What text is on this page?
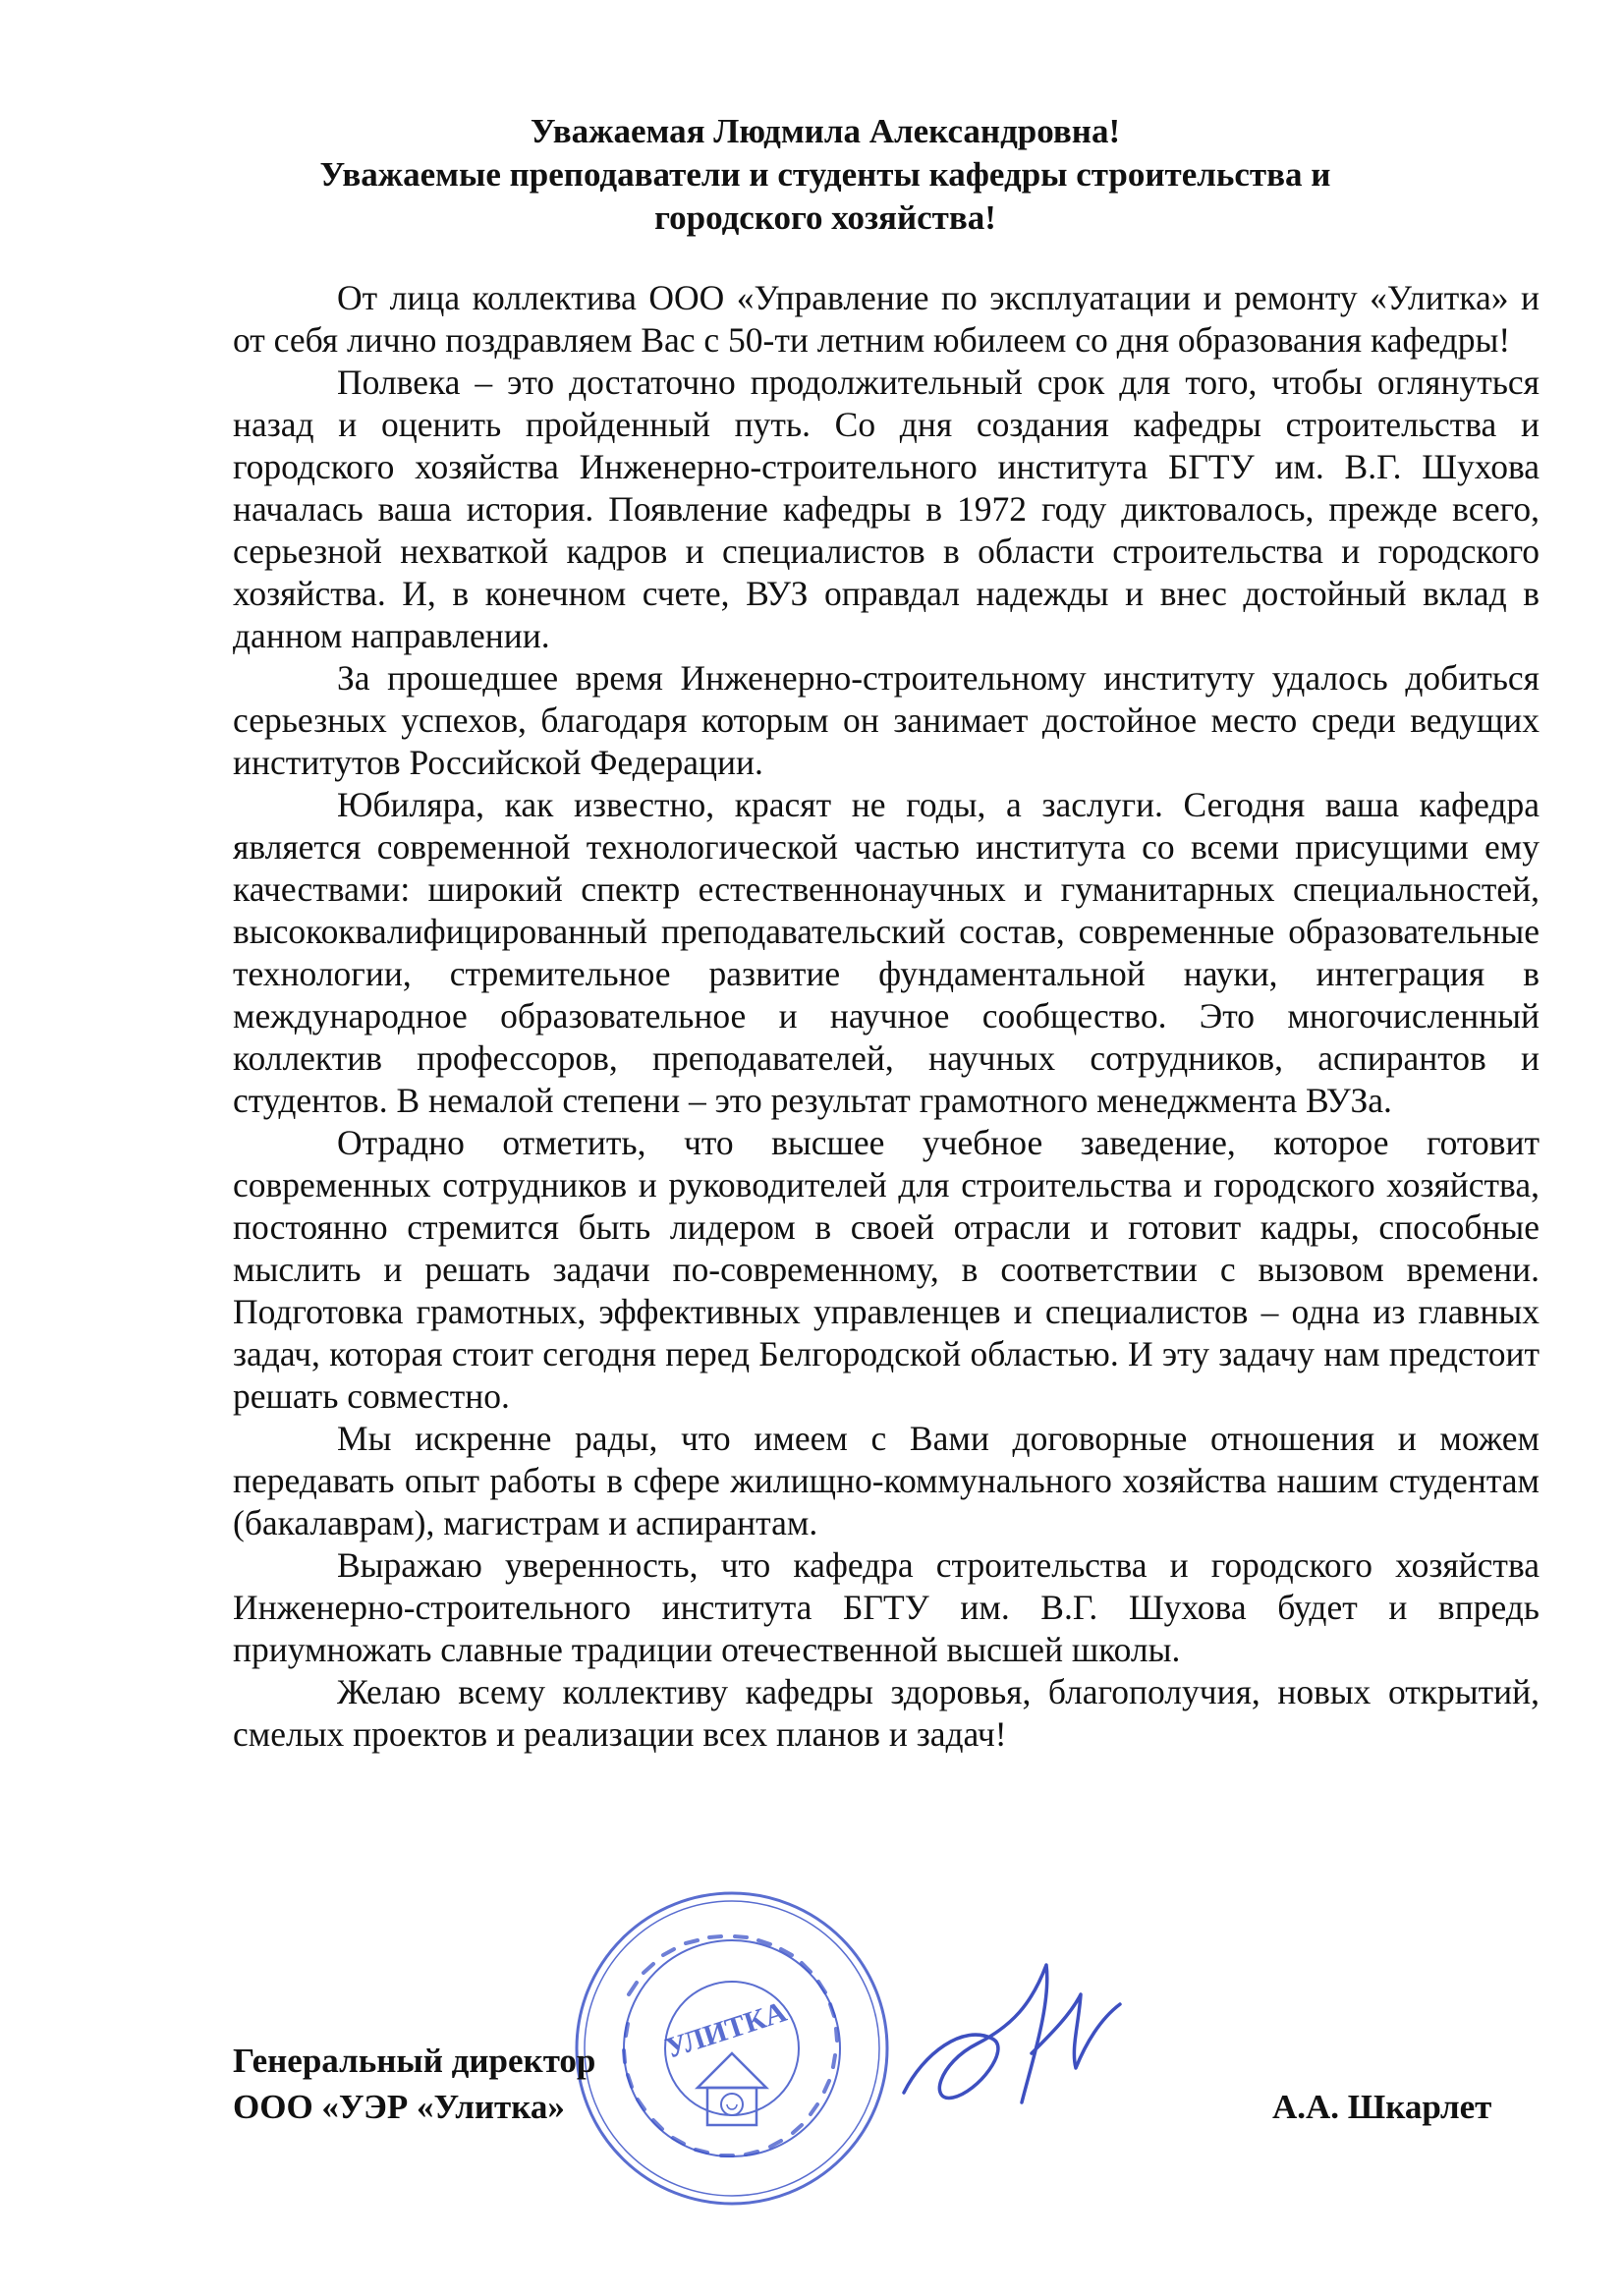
Уважаемая Людмила Александровна!
Уважаемые преподаватели и студенты кафедры строительства и
городского хозяйства!

От лица коллектива ООО «Управление по эксплуатации и ремонту «Улитка» и от себя лично поздравляем Вас с 50-ти летним юбилеем со дня образования кафедры!

Полвека – это достаточно продолжительный срок для того, чтобы оглянуться назад и оценить пройденный путь. Со дня создания кафедры строительства и городского хозяйства Инженерно-строительного института БГТУ им. В.Г. Шухова началась ваша история. Появление кафедры в 1972 году диктовалось, прежде всего, серьезной нехваткой кадров и специалистов в области строительства и городского хозяйства. И, в конечном счете, ВУЗ оправдал надежды и внес достойный вклад в данном направлении.

За прошедшее время Инженерно-строительному институту удалось добиться серьезных успехов, благодаря которым он занимает достойное место среди ведущих институтов Российской Федерации.

Юбиляра, как известно, красят не годы, а заслуги. Сегодня ваша кафедра является современной технологической частью института со всеми присущими ему качествами: широкий спектр естественнонаучных и гуманитарных специальностей, высококвалифицированный преподавательский состав, современные образовательные технологии, стремительное развитие фундаментальной науки, интеграция в международное образовательное и научное сообщество. Это многочисленный коллектив профессоров, преподавателей, научных сотрудников, аспирантов и студентов. В немалой степени – это результат грамотного менеджмента ВУЗа.

Отрадно отметить, что высшее учебное заведение, которое готовит современных сотрудников и руководителей для строительства и городского хозяйства, постоянно стремится быть лидером в своей отрасли и готовит кадры, способные мыслить и решать задачи по-современному, в соответствии с вызовом времени. Подготовка грамотных, эффективных управленцев и специалистов – одна из главных задач, которая стоит сегодня перед Белгородской областью. И эту задачу нам предстоит решать совместно.

Мы искренне рады, что имеем с Вами договорные отношения и можем передавать опыт работы в сфере жилищно-коммунального хозяйства нашим студентам (бакалаврам), магистрам и аспирантам.

Выражаю уверенность, что кафедра строительства и городского хозяйства Инженерно-строительного института БГТУ им. В.Г. Шухова будет и впредь приумножать славные традиции отечественной высшей школы.

Желаю всему коллективу кафедры здоровья, благополучия, новых открытий, смелых проектов и реализации всех планов и задач!

УЛИТКА
Генеральный директор
ООО «УЭР «Улитка»	А.А. Шкарлет
